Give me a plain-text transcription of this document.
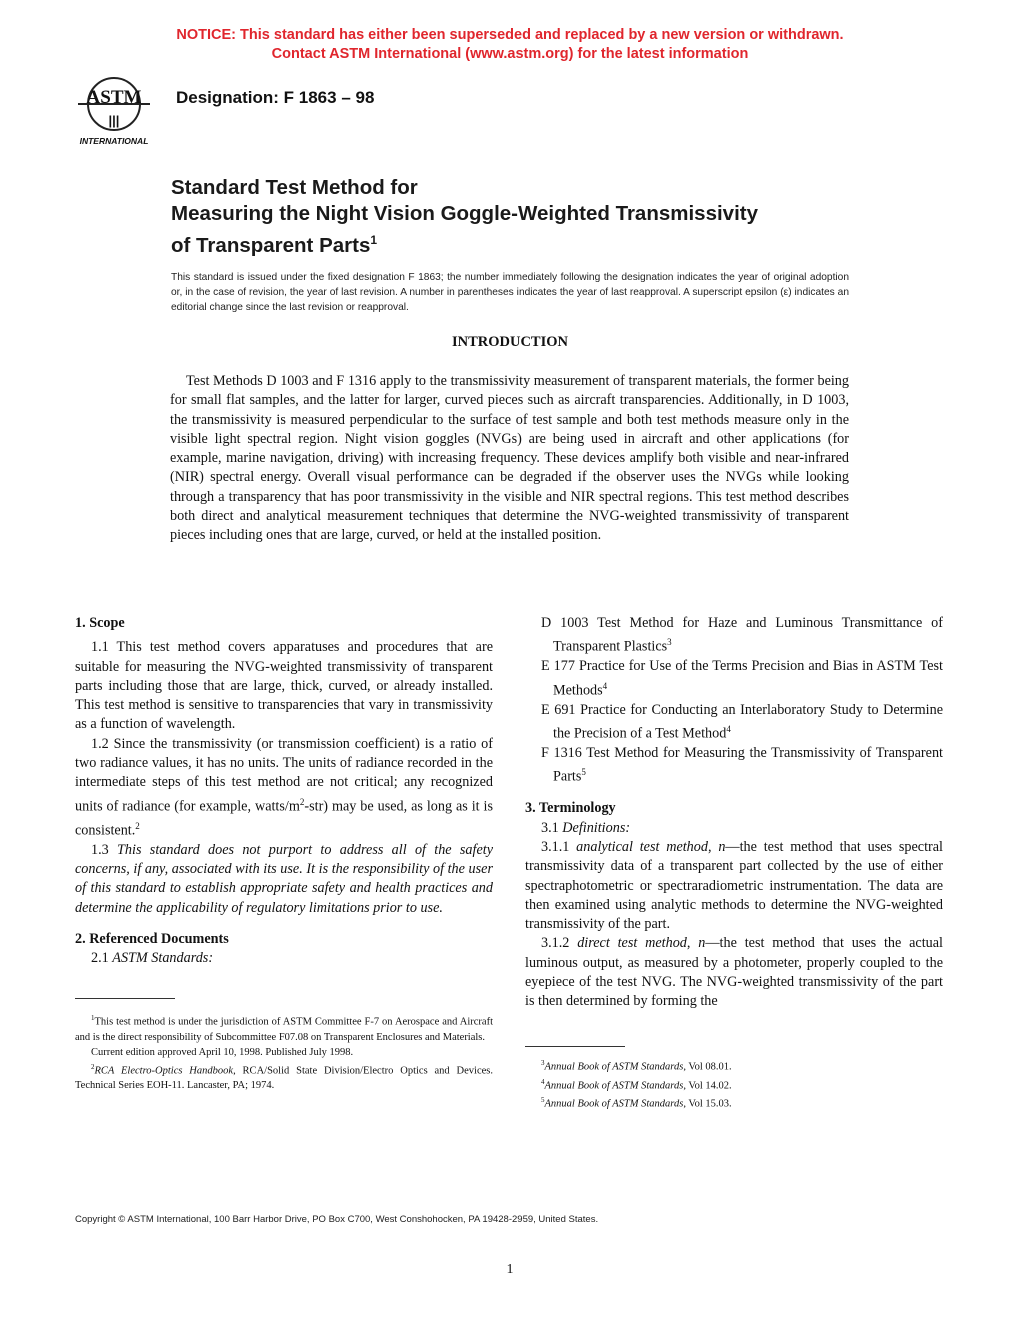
NOTICE: This standard has either been superseded and replaced by a new version or withdrawn.
Contact ASTM International (www.astm.org) for the latest information
ASTM
|||
INTERNATIONAL
Designation: F 1863 – 98
Standard Test Method for
Measuring the Night Vision Goggle-Weighted Transmissivity
of Transparent Parts$^1$
This standard is issued under the fixed designation F 1863; the number immediately following the designation indicates the year of original adoption or, in the case of revision, the year of last revision. A number in parentheses indicates the year of last reapproval. A superscript epsilon (ε) indicates an editorial change since the last revision or reapproval.
INTRODUCTION

Test Methods D 1003 and F 1316 apply to the transmissivity measurement of transparent materials, the former being for small flat samples, and the latter for larger, curved pieces such as aircraft transparencies. Additionally, in D 1003, the transmissivity is measured perpendicular to the surface of test sample and both test methods measure only in the visible light spectral region. Night vision goggles (NVGs) are being used in aircraft and other applications (for example, marine navigation, driving) with increasing frequency. These devices amplify both visible and near-infrared (NIR) spectral energy. Overall visual performance can be degraded if the observer uses the NVGs while looking through a transparency that has poor transmissivity in the visible and NIR spectral regions. This test method describes both direct and analytical measurement techniques that determine the NVG-weighted transmissivity of transparent pieces including ones that are large, curved, or held at the installed position.

1. Scope

1.1 This test method covers apparatuses and procedures that are suitable for measuring the NVG-weighted transmissivity of transparent parts including those that are large, thick, curved, or already installed. This test method is sensitive to transparencies that vary in transmissivity as a function of wavelength.

1.2 Since the transmissivity (or transmission coefficient) is a ratio of two radiance values, it has no units. The units of radiance recorded in the intermediate steps of this test method are not critical; any recognized units of radiance (for example, watts/$m^2-str$) may be used, as long as it is consistent.$^2$

1.3 This standard does not purport to address all of the safety concerns, if any, associated with its use. It is the responsibility of the user of this standard to establish appropriate safety and health practices and determine the applicability of regulatory limitations prior to use.

2. Referenced Documents

2.1 ASTM Standards:

$^1$This test method is under the jurisdiction of ASTM Committee F-7 on Aerospace and Aircraft and is the direct responsibility of Subcommittee F07.08 on Transparent Enclosures and Materials.

Current edition approved April 10, 1998. Published July 1998.

$^2$RCA Electro-Optics Handbook, RCA/Solid State Division/Electro Optics and Devices. Technical Series EOH-11. Lancaster, PA; 1974.

D 1003 Test Method for Haze and Luminous Transmittance of Transparent Plastics$^3$

E 177 Practice for Use of the Terms Precision and Bias in ASTM Test Methods$^4$

E 691 Practice for Conducting an Interlaboratory Study to Determine the Precision of a Test Method$^4$

F 1316 Test Method for Measuring the Transmissivity of Transparent Parts$^5$

3. Terminology

3.1 Definitions:

3.1.1 analytical test method, n—the test method that uses spectral transmissivity data of a transparent part collected by the use of either spectraphotometric or spectraradiometric instrumentation. The data are then examined using analytic methods to determine the NVG-weighted transmissivity of the part.

3.1.2 direct test method, n—the test method that uses the actual luminous output, as measured by a photometer, properly coupled to the eyepiece of the test NVG. The NVG-weighted transmissivity of the part is then determined by forming the

$^3$Annual Book of ASTM Standards, Vol 08.01.

$^4$Annual Book of ASTM Standards, Vol 14.02.

$^5$Annual Book of ASTM Standards, Vol 15.03.

Copyright © ASTM International, 100 Barr Harbor Drive, PO Box C700, West Conshohocken, PA 19428-2959, United States.
1
